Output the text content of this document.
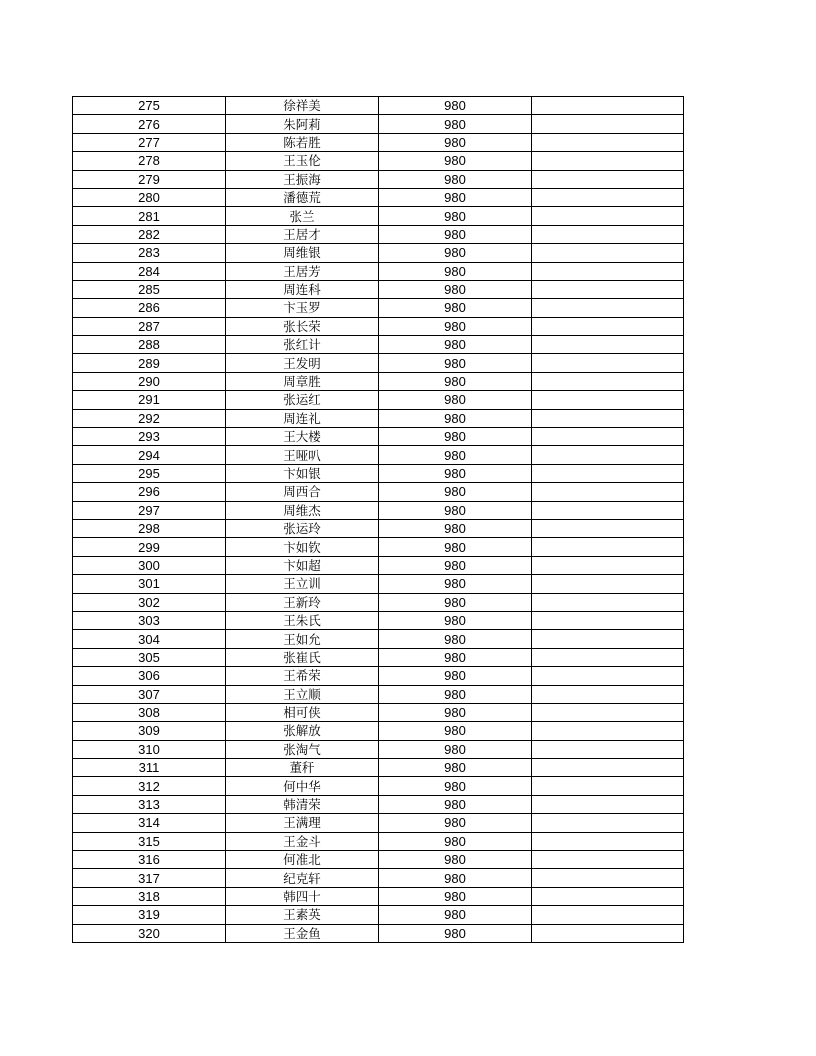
275	徐祥美	980	
276	朱阿莉	980	
277	陈若胜	980	
278	王玉伦	980	
279	王振海	980	
280	潘德荒	980	
281	张兰	980	
282	王居才	980	
283	周维银	980	
284	王居芳	980	
285	周连科	980	
286	卞玉罗	980	
287	张长荣	980	
288	张红计	980	
289	王发明	980	
290	周章胜	980	
291	张运红	980	
292	周连礼	980	
293	王大楼	980	
294	王哑叭	980	
295	卞如银	980	
296	周西合	980	
297	周维杰	980	
298	张运玲	980	
299	卞如钦	980	
300	卞如超	980	
301	王立训	980	
302	王新玲	980	
303	王朱氏	980	
304	王如允	980	
305	张崔氏	980	
306	王希荣	980	
307	王立顺	980	
308	相可侠	980	
309	张解放	980	
310	张淘气	980	
311	董秆	980	
312	何中华	980	
313	韩清荣	980	
314	王满理	980	
315	王金斗	980	
316	何准北	980	
317	纪克轩	980	
318	韩四十	980	
319	王素英	980	
320	王金鱼	980	
